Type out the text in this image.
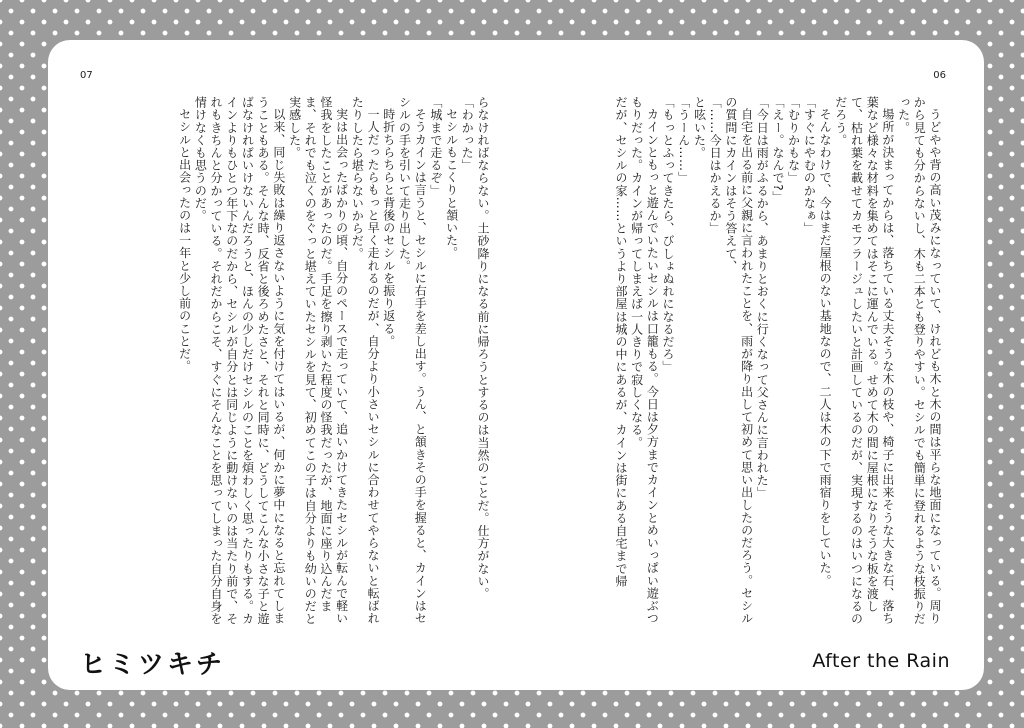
07	06

うどやや背の高い茂みになっていて、けれども木と木の間は平らな地面になっている。周りから見ても分からないし、木も二本とも登りやすい。セシルでも簡単に登れるような枝振りだった。

場所が決まってからは、落ちている丈夫そうな木の枝や、椅子に出来そうな大きな石、落ち葉など様々な材料を集めてはそこに運んでいる。せめて木の間に屋根になりそうな板を渡して、枯れ葉を載せてカモフラージュしたいと計画しているのだが、実現するのはいつになるのだろう。

そんなわけで、今はまだ屋根のない基地なので、二人は木の下で雨宿りをしていた。

「すぐにやむのかなぁ」

「むりかもな」

「えー。なんで?」

「今日は雨がふるから、あまりとおくに行くなって父さんに言われた」

自宅を出る前に父親に言われたことを、雨が降り出して初めて思い出したのだろう。セシルの質問にカインはそう答えて、

「……今日はかえるか」

と呟いた。

「うーん……」

「もっとふってきたら、びしょぬれになるだろ」

カインともっと遊んでいたいセシルは口籠もる。今日は夕方までカインとめいっぱい遊ぶつもりだった。カインが帰ってしまえば一人きりで寂しくなる。

だが、セシルの家……というより部屋は城の中にあるが、カインは街にある自宅まで帰

らなければならない。土砂降りになる前に帰ろうとするのは当然のことだ。仕方がない。

「わかった」

セシルもこくりと頷いた。

「城まで走るぞ」

そうカインは言うと、セシルに右手を差し出す。うん、と頷きその手を握ると、カインはセシルの手を引いて走り出した。

時折ちらちらと背後のセシルを振り返る。

一人だったらもっと早く走れるのだが、自分より小さいセシルに合わせてやらないと転ばれたりしたら堪らないからだ。

実は出会ったばかりの頃、自分のペースで走っていて、追いかけてきたセシルが転んで軽い怪我をしたことがあったのだ。手足を擦り剥いた程度の怪我だったが、地面に座り込んだまま、それでも泣くのをぐっと堪えていたセシルを見て、初めてこの子は自分よりも幼いのだと実感した。

以来、同じ失敗は繰り返さないように気を付けてはいるが、何かに夢中になると忘れてしまうこともある。そんな時、反省と後ろめたさと、それと同時に、どうしてこんな小さな子と遊ばなければいけないんだろうと、ほんの少しだけセシルのことを煩わしく思ったりもする。カインよりもひとつ年下なのだから、セシルが自分とは同じように動けないのは当たり前で、それもきちんと分かっている。それだからこそ、すぐにそんなことを思ってしまった自分自身を情けなくも思うのだ。

セシルと出会ったのは一年と少し前のことだ。

ヒミツキチ	After the Rain
